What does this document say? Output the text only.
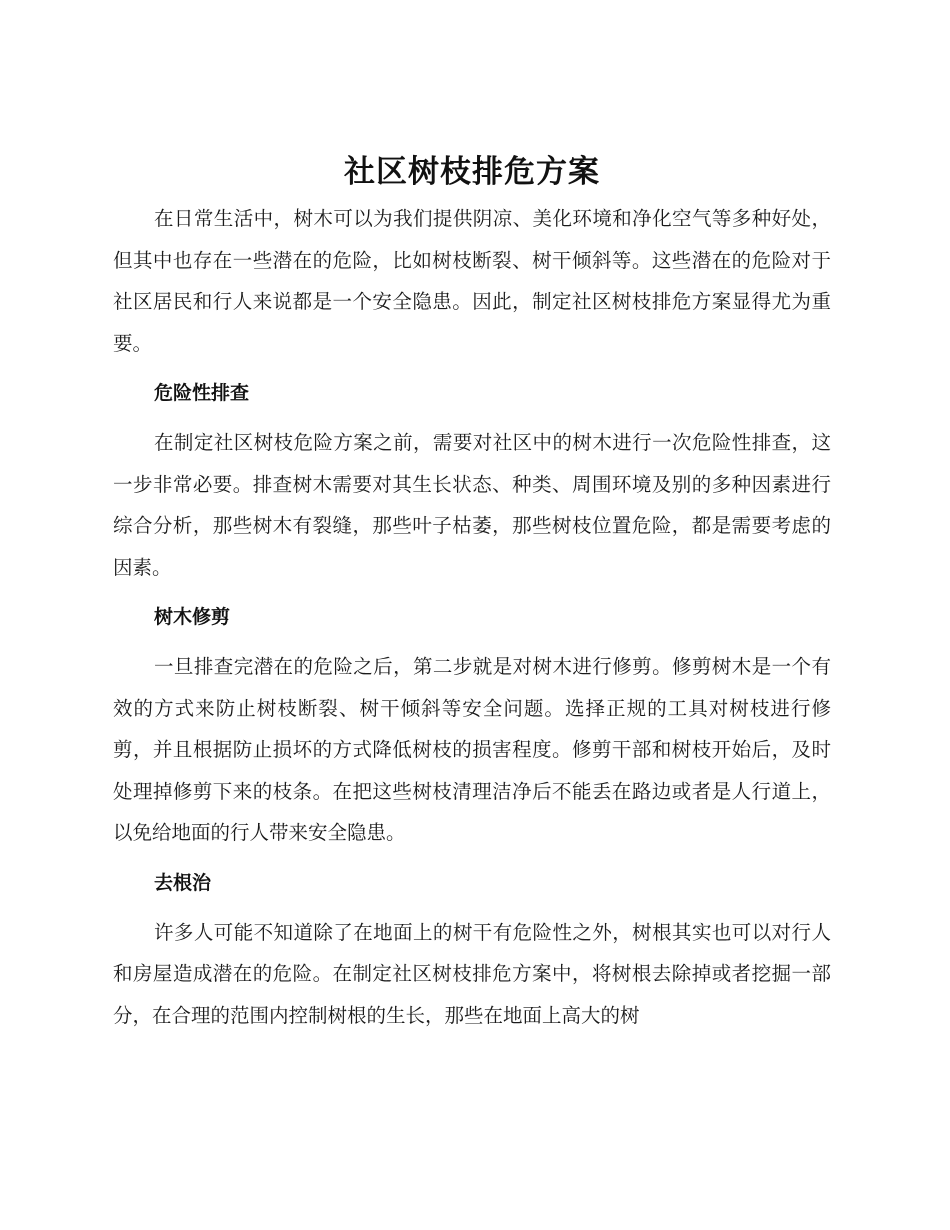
社区树枝排危方案

在日常生活中，树木可以为我们提供阴凉、美化环境和净化空气等多种好处，但其中也存在一些潜在的危险，比如树枝断裂、树干倾斜等。这些潜在的危险对于社区居民和行人来说都是一个安全隐患。因此，制定社区树枝排危方案显得尤为重要。

危险性排查

在制定社区树枝危险方案之前，需要对社区中的树木进行一次危险性排查，这一步非常必要。排查树木需要对其生长状态、种类、周围环境及别的多种因素进行综合分析，那些树木有裂缝，那些叶子枯萎，那些树枝位置危险，都是需要考虑的因素。

树木修剪

一旦排查完潜在的危险之后，第二步就是对树木进行修剪。修剪树木是一个有效的方式来防止树枝断裂、树干倾斜等安全问题。选择正规的工具对树枝进行修剪，并且根据防止损坏的方式降低树枝的损害程度。修剪干部和树枝开始后，及时处理掉修剪下来的枝条。在把这些树枝清理洁净后不能丢在路边或者是人行道上，以免给地面的行人带来安全隐患。

去根治

许多人可能不知道除了在地面上的树干有危险性之外，树根其实也可以对行人和房屋造成潜在的危险。在制定社区树枝排危方案中，将树根去除掉或者挖掘一部分，在合理的范围内控制树根的生长，那些在地面上高大的树
